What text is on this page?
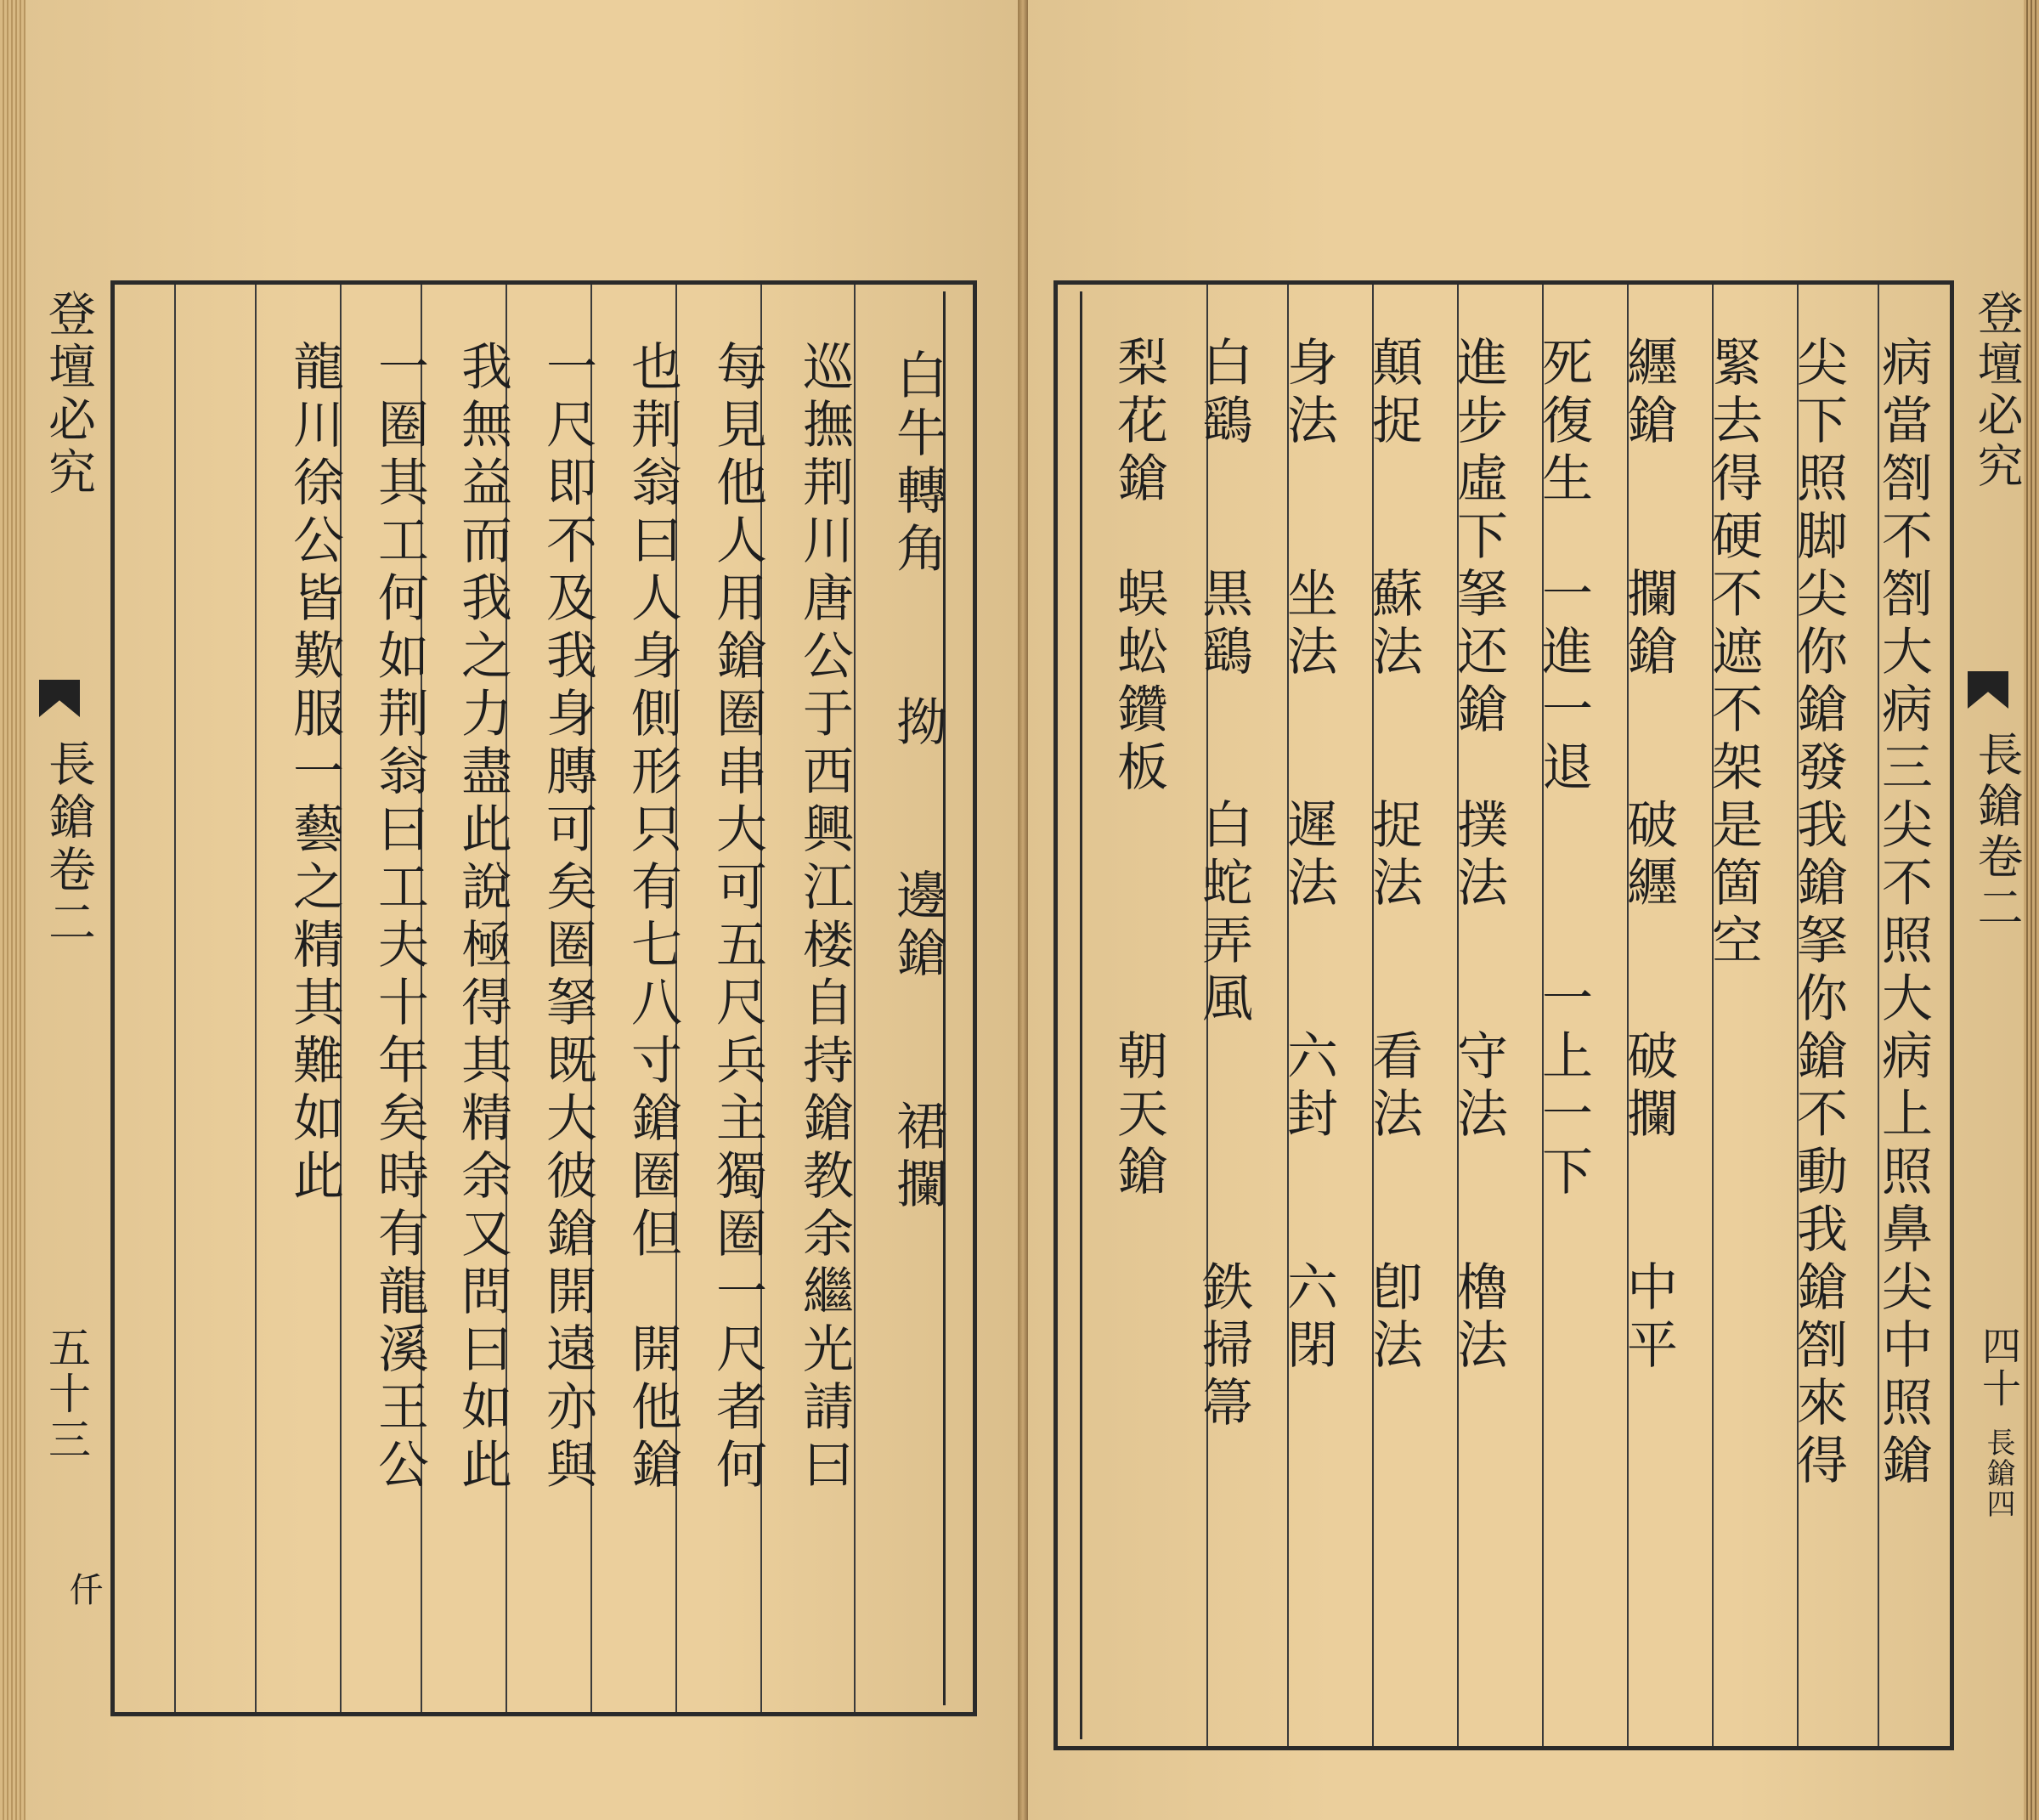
登壇必究
長鎗卷二
五十三
仟
白牛轉角　　拗　　邊鎗　　裙攔
巡撫荆川唐公于西興江楼自持鎗教余繼光請曰
每見他人用鎗圈串大可五尺兵主獨圈一尺者何
也荆翁曰人身側形只有七八寸鎗圈但　開他鎗
一尺即不及我身膞可矣圈拏既大彼鎗開遠亦與
我無益而我之力盡此說極得其精余又問曰如此
一圈其工何如荆翁曰工夫十年矣時有龍溪王公
龍川徐公皆歎服一藝之精其難如此	病當劄不劄大病三尖不照大病上照鼻尖中照鎗
尖下照脚尖你鎗發我鎗拏你鎗不動我鎗劄來得
緊去得硬不遮不架是箇空
纒鎗　　攔鎗　　破纒　　破攔　　中平
死復生　一進一退　　　一上一下
進步虛下拏还鎗　撲法　　守法　　櫓法
顛捉　　蘇法　　捉法　　看法　　卽法
身法　　坐法　　遲法　　六封　　六閉
白鷂　　黒鷂　　白蛇弄風　　　　鉄掃箒
梨花鎗　蜈蚣鑽板　　　　朝天鎗	登壇必究
長鎗卷二
四十
長鎗四
